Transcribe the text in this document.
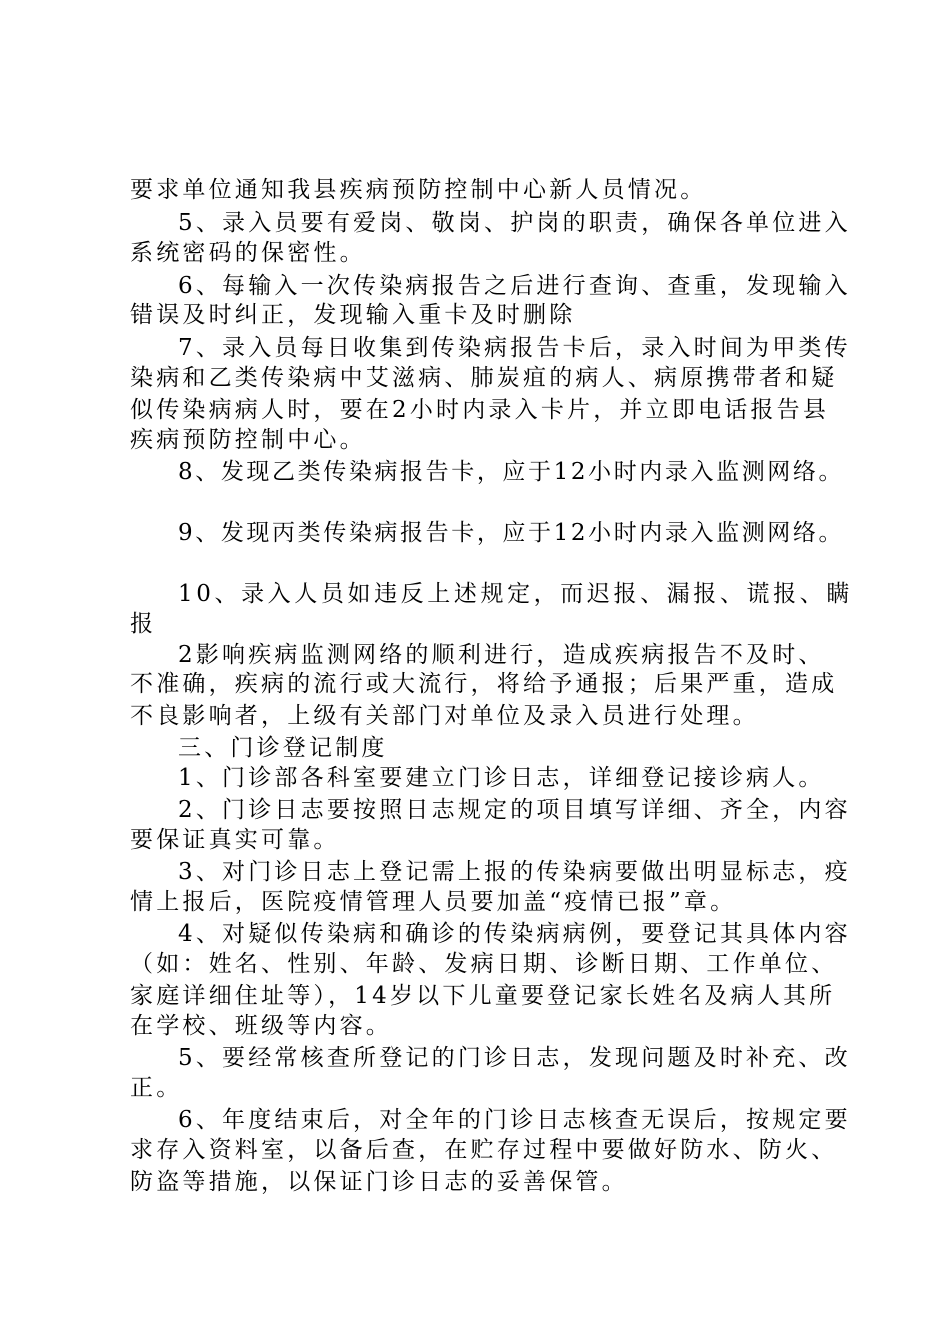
要求单位通知我县疾病预防控制中心新人员情况。
5、录入员要有爱岗、敬岗、护岗的职责，确保各单位进入
系统密码的保密性。
6、每输入一次传染病报告之后进行查询、查重，发现输入
错误及时纠正，发现输入重卡及时删除
7、录入员每日收集到传染病报告卡后，录入时间为甲类传
染病和乙类传染病中艾滋病、肺炭疽的病人、病原携带者和疑
似传染病病人时，要在2小时内录入卡片，并立即电话报告县
疾病预防控制中心。
8、发现乙类传染病报告卡，应于12小时内录入监测网络。
9、发现丙类传染病报告卡，应于12小时内录入监测网络。
10、录入人员如违反上述规定，而迟报、漏报、谎报、瞒
报
2影响疾病监测网络的顺利进行，造成疾病报告不及时、
不准确，疾病的流行或大流行，将给予通报；后果严重，造成
不良影响者，上级有关部门对单位及录入员进行处理。
三、门诊登记制度
1、门诊部各科室要建立门诊日志，详细登记接诊病人。
2、门诊日志要按照日志规定的项目填写详细、齐全，内容
要保证真实可靠。
3、对门诊日志上登记需上报的传染病要做出明显标志，疫
情上报后，医院疫情管理人员要加盖“疫情已报”章。
4、对疑似传染病和确诊的传染病病例，要登记其具体内容
（如：姓名、性别、年龄、发病日期、诊断日期、工作单位、
家庭详细住址等），14岁以下儿童要登记家长姓名及病人其所
在学校、班级等内容。
5、要经常核查所登记的门诊日志，发现问题及时补充、改
正。
6、年度结束后，对全年的门诊日志核查无误后，按规定要
求存入资料室，以备后查，在贮存过程中要做好防水、防火、
防盗等措施，以保证门诊日志的妥善保管。
